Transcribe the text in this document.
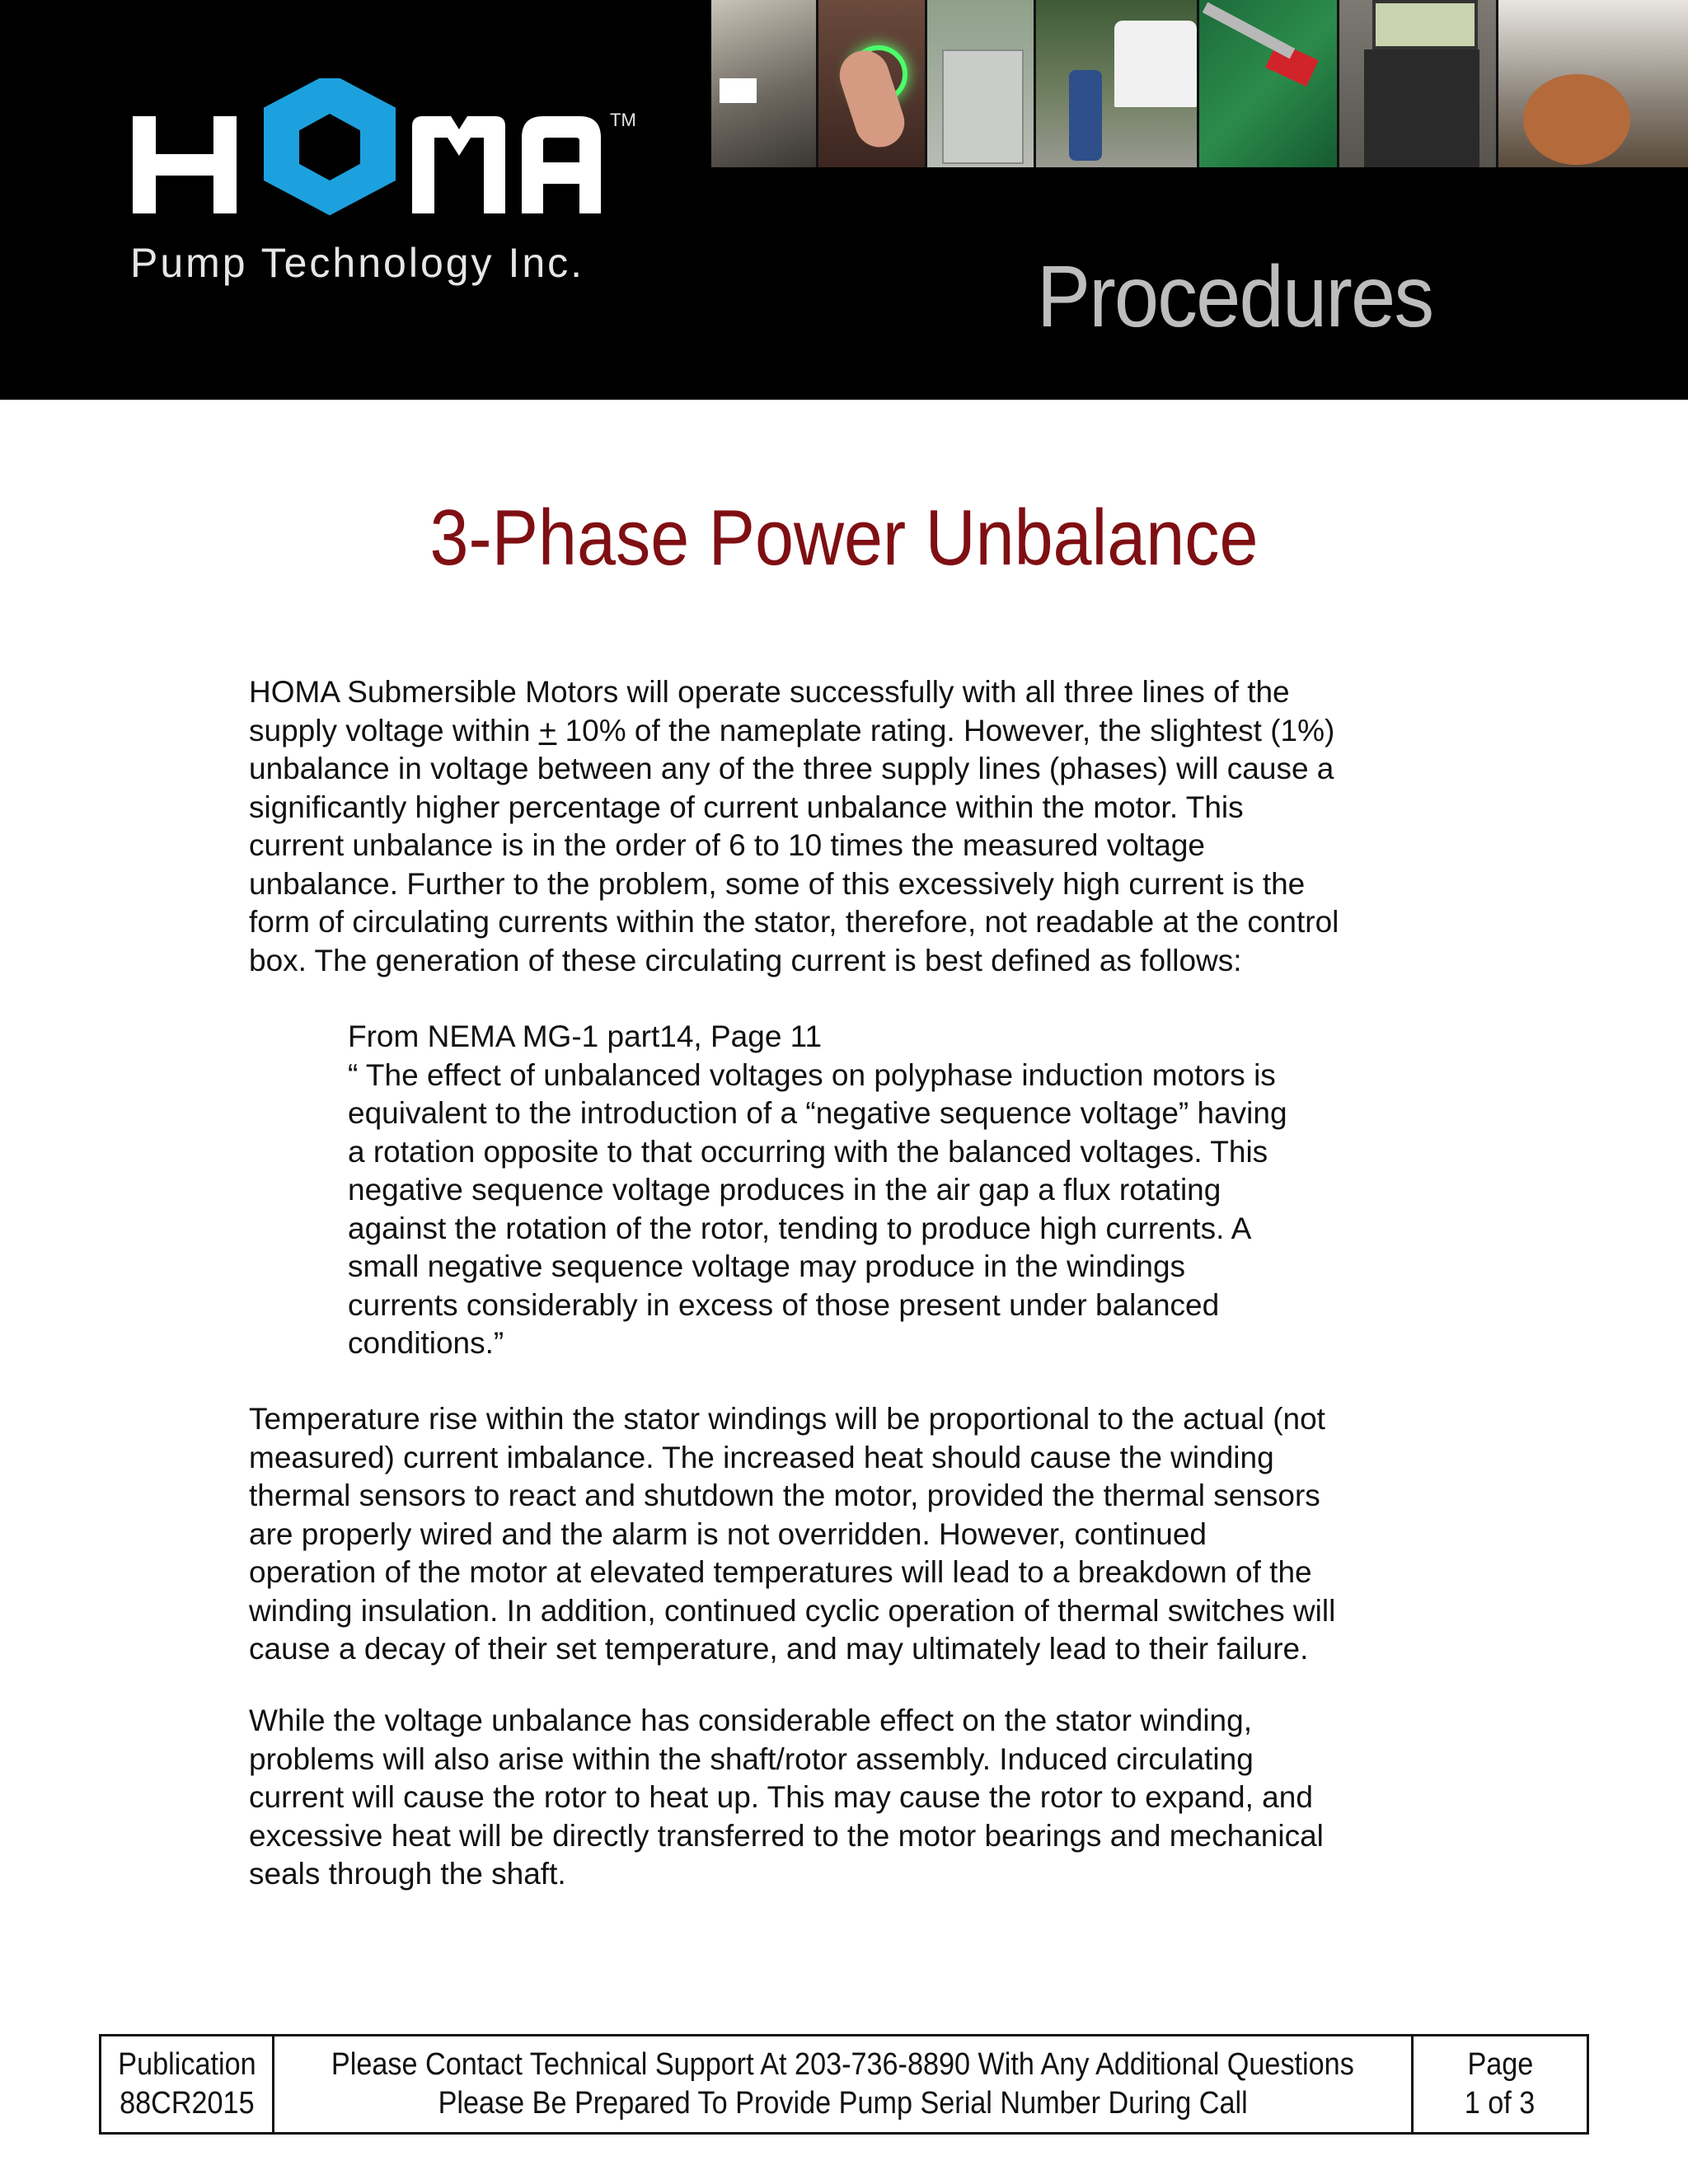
TM
Pump Technology Inc.	Procedures
3-Phase Power Unbalance
HOMA Submersible Motors will operate successfully with all three lines of the
supply voltage within + 10% of the nameplate rating. However, the slightest (1%)
unbalance in voltage between any of the three supply lines (phases) will cause a
significantly higher percentage of current unbalance within the motor. This
current unbalance is in the order of 6 to 10 times the measured voltage
unbalance. Further to the problem, some of this excessively high current is the
form of circulating currents within the stator, therefore, not readable at the control
box. The generation of these circulating current is best defined as follows:
From NEMA MG-1 part14, Page 11
“ The effect of unbalanced voltages on polyphase induction motors is
equivalent to the introduction of a “negative sequence voltage” having
a rotation opposite to that occurring with the balanced voltages. This
negative sequence voltage produces in the air gap a flux rotating
against the rotation of the rotor, tending to produce high currents. A
small negative sequence voltage may produce in the windings
currents considerably in excess of those present under balanced
conditions.”
Temperature rise within the stator windings will be proportional to the actual (not
measured) current imbalance. The increased heat should cause the winding
thermal sensors to react and shutdown the motor, provided the thermal sensors
are properly wired and the alarm is not overridden. However, continued
operation of the motor at elevated temperatures will lead to a breakdown of the
winding insulation. In addition, continued cyclic operation of thermal switches will
cause a decay of their set temperature, and may ultimately lead to their failure.
While the voltage unbalance has considerable effect on the stator winding,
problems will also arise within the shaft/rotor assembly. Induced circulating
current will cause the rotor to heat up. This may cause the rotor to expand, and
excessive heat will be directly transferred to the motor bearings and mechanical
seals through the shaft.
Publication
88CR2015
Please Contact Technical Support At 203-736-8890 With Any Additional Questions
Please Be Prepared To Provide Pump Serial Number During Call
Page
1 of 3
